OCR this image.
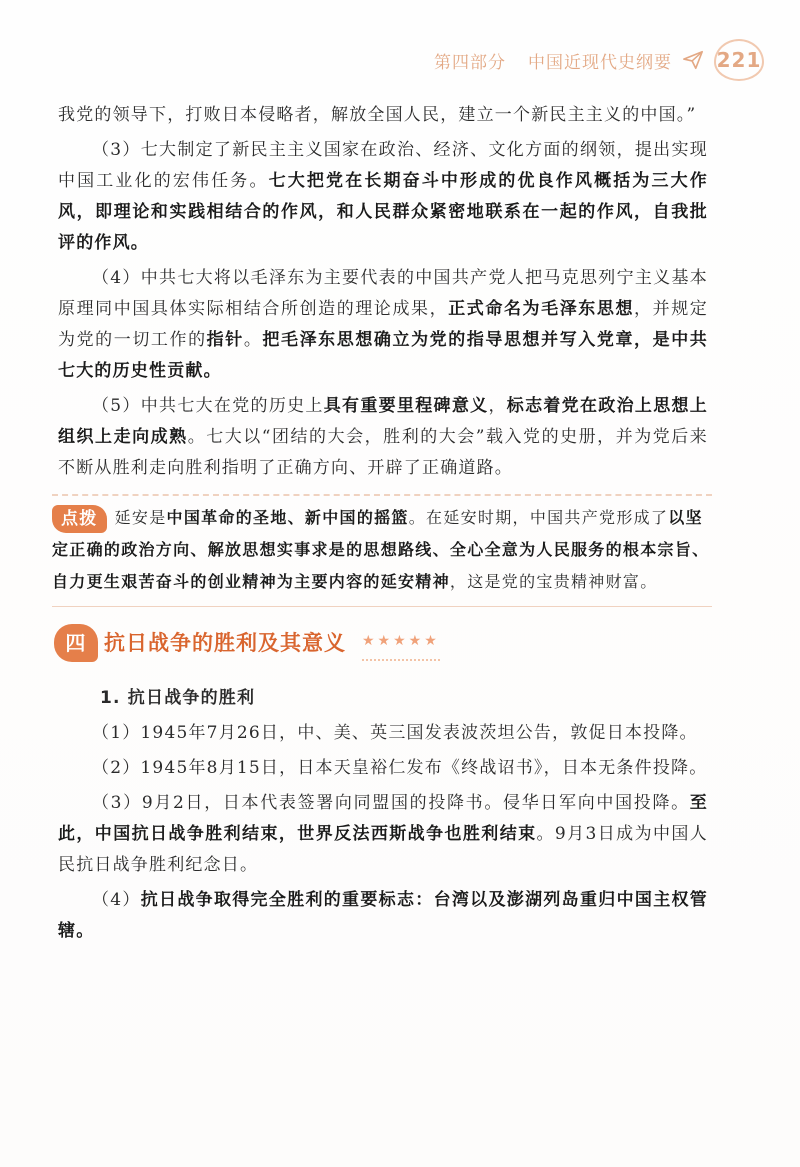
第四部分 中国近现代史纲要 221

我党的领导下，打败日本侵略者，解放全国人民，建立一个新民主主义的中国。”

（3）七大制定了新民主主义国家在政治、经济、文化方面的纲领，提出实现中国工业化的宏伟任务。七大把党在长期奋斗中形成的优良作风概括为三大作风，即理论和实践相结合的作风，和人民群众紧密地联系在一起的作风，自我批评的作风。

（4）中共七大将以毛泽东为主要代表的中国共产党人把马克思列宁主义基本原理同中国具体实际相结合所创造的理论成果，正式命名为毛泽东思想，并规定为党的一切工作的指针。把毛泽东思想确立为党的指导思想并写入党章，是中共七大的历史性贡献。

（5）中共七大在党的历史上具有重要里程碑意义，标志着党在政治上思想上组织上走向成熟。七大以“团结的大会，胜利的大会”载入党的史册，并为党后来不断从胜利走向胜利指明了正确方向、开辟了正确道路。

点拨 延安是中国革命的圣地、新中国的摇篮。在延安时期，中国共产党形成了以坚定正确的政治方向、解放思想实事求是的思想路线、全心全意为人民服务的根本宗旨、自力更生艰苦奋斗的创业精神为主要内容的延安精神，这是党的宝贵精神财富。
四 抗日战争的胜利及其意义 ★★★★★

1. 抗日战争的胜利

（1）1945年7月26日，中、美、英三国发表波茨坦公告，敦促日本投降。

（2）1945年8月15日，日本天皇裕仁发布《终战诏书》，日本无条件投降。

（3）9月2日，日本代表签署向同盟国的投降书。侵华日军向中国投降。至此，中国抗日战争胜利结束，世界反法西斯战争也胜利结束。9月3日成为中国人民抗日战争胜利纪念日。

（4）抗日战争取得完全胜利的重要标志：台湾以及澎湖列岛重归中国主权管辖。
